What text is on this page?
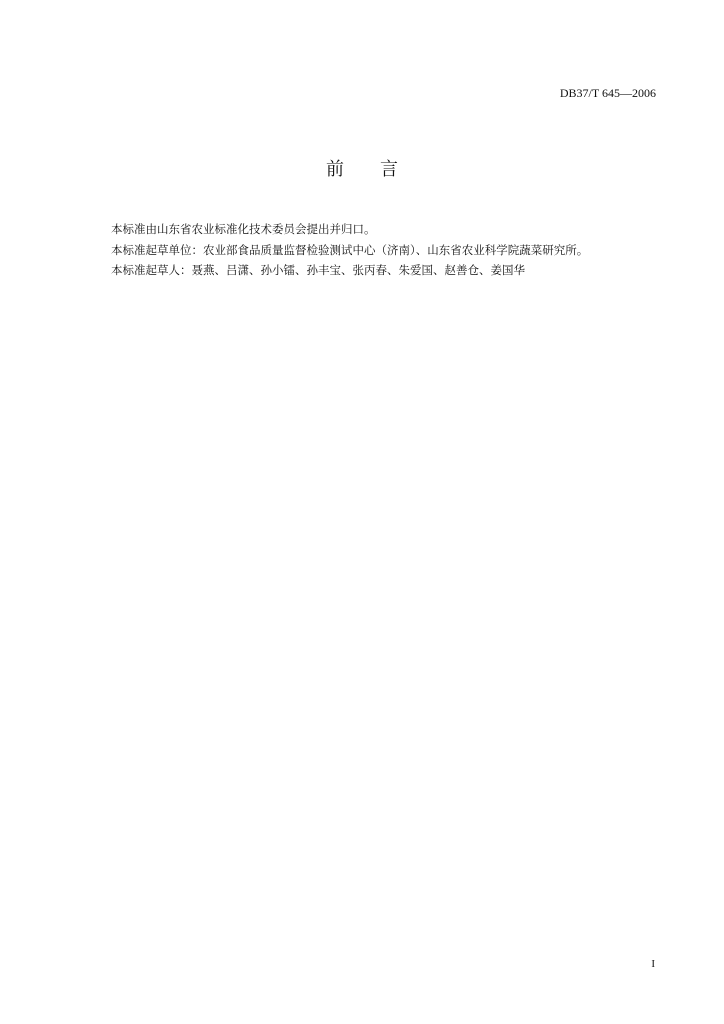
DB37/T 645—2006
前 言
本标准由山东省农业标准化技术委员会提出并归口。
本标准起草单位：农业部食品质量监督检验测试中心（济南）、山东省农业科学院蔬菜研究所。
本标准起草人：聂燕、吕潇、孙小镭、孙丰宝、张丙春、朱爱国、赵善仓、姜国华
I
